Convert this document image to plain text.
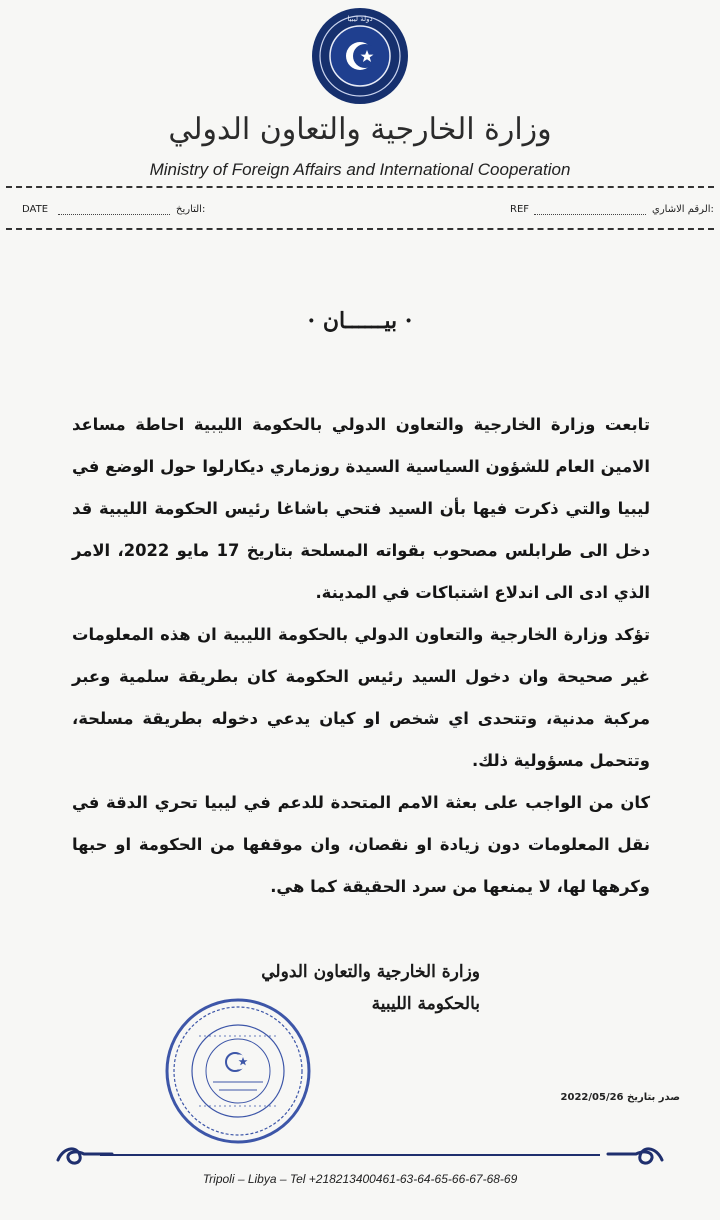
دولة ليبيا
وزارة الخارجية والتعاون الدولي
Ministry of Foreign Affairs and International Cooperation
DATE	التاريخ:	REF	الرقم الاشاري:
· بيــــــان ·

تابعت وزارة الخارجية والتعاون الدولي بالحكومة الليبية احاطة مساعد الامين العام للشؤون السياسية السيدة روزماري ديكارلوا حول الوضع في ليبيا والتي ذكرت فيها بأن السيد فتحي باشاغا رئيس الحكومة الليبية قد دخل الى طرابلس مصحوب بقواته المسلحة بتاريخ 17 مايو 2022، الامر الذي ادى الى اندلاع اشتباكات في المدينة.

تؤكد وزارة الخارجية والتعاون الدولي بالحكومة الليبية ان هذه المعلومات غير صحيحة وان دخول السيد رئيس الحكومة كان بطريقة سلمية وعبر مركبة مدنية، وتتحدى اي شخص او كيان يدعي دخوله بطريقة مسلحة، وتتحمل مسؤولية ذلك.

كان من الواجب على بعثة الامم المتحدة للدعم في ليبيا تحري الدقة في نقل المعلومات دون زيادة او نقصان، وان موقفها من الحكومة او حبها وكرهها لها، لا يمنعها من سرد الحقيقة كما هي.

وزارة الخارجية والتعاون الدولي
بالحكومة الليبية
صدر بتاريخ 2022/05/26
Tripoli – Libya – Tel +218213400461-63-64-65-66-67-68-69
